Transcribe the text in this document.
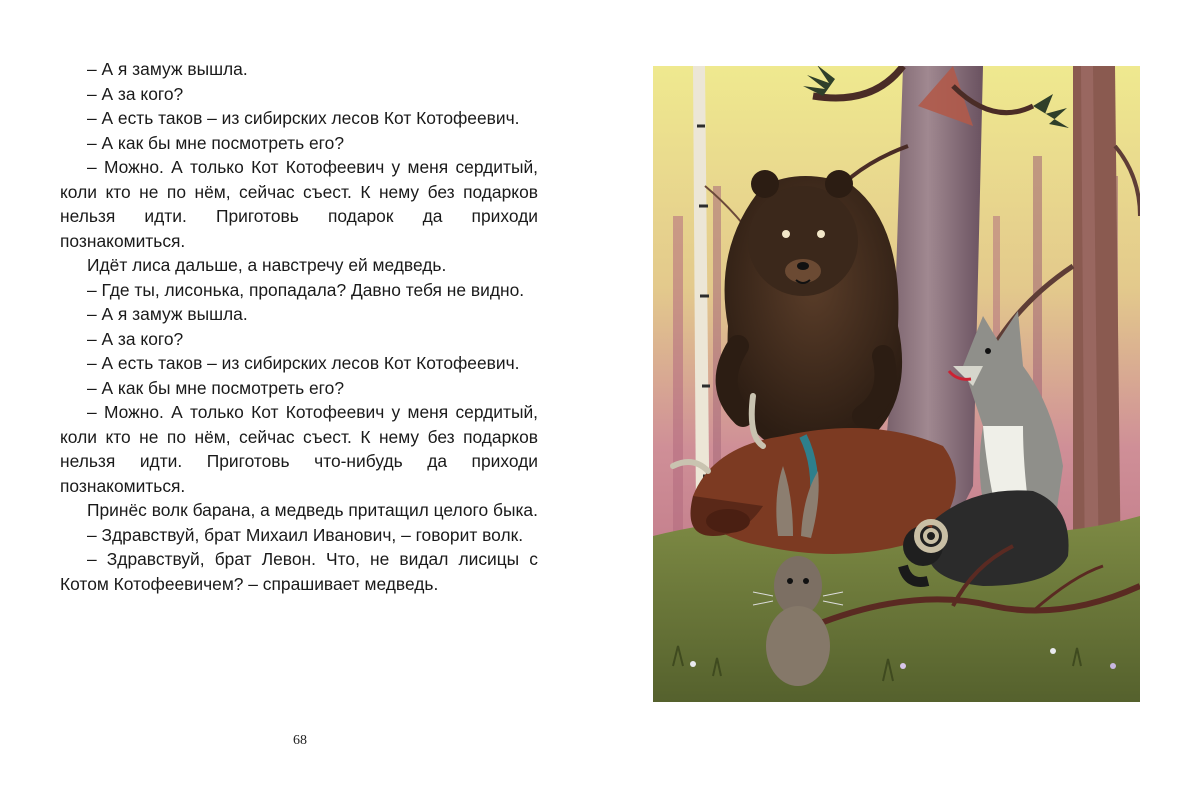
– А я замуж вышла.

– А за кого?

– А есть таков – из сибирских лесов Кот Котофеевич.

– А как бы мне посмотреть его?

– Можно. А только Кот Котофеевич у меня сердитый, коли кто не по нём, сейчас съест. К нему без подарков нельзя идти. Приготовь подарок да приходи познакомиться.

Идёт лиса дальше, а навстречу ей медведь.

– Где ты, лисонька, пропадала? Давно тебя не видно.

– А я замуж вышла.

– А за кого?

– А есть таков – из сибирских лесов Кот Котофеевич.

– А как бы мне посмотреть его?

– Можно. А только Кот Котофеевич у меня сердитый, коли кто не по нём, сейчас съест. К нему без подарков нельзя идти. Приготовь что-нибудь да приходи познакомиться.

Принёс волк барана, а медведь притащил целого быка.

– Здравствуй, брат Михаил Иванович, – говорит волк.

– Здравствуй, брат Левон. Что, не видал лисицы с Котом Котофеевичем? – спрашивает медведь.

68
